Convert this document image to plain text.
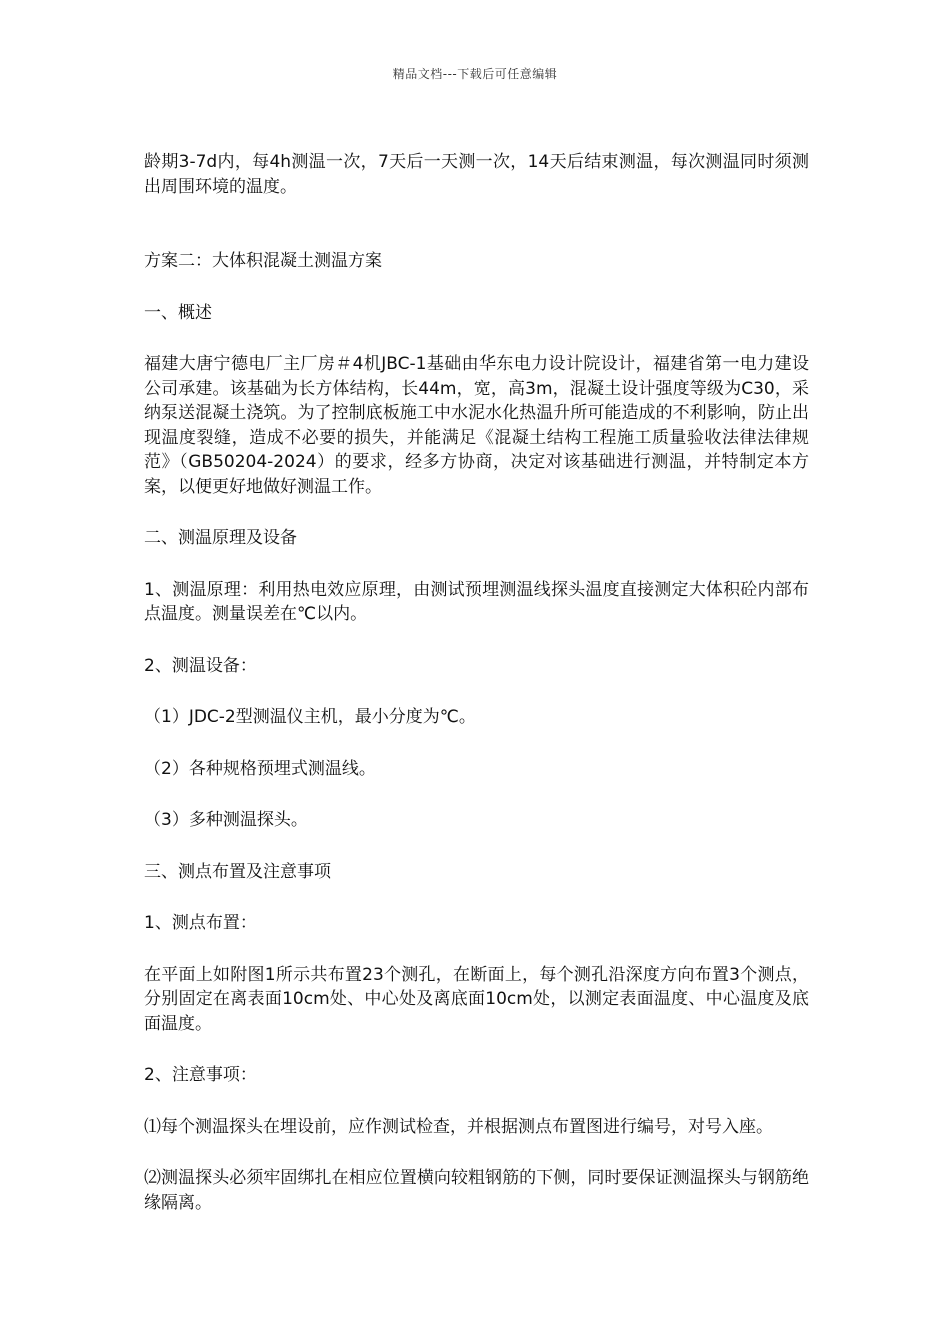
精品文档---下载后可任意编辑

龄期3-7d内，每4h测温一次，7天后一天测一次，14天后结束测温，每次测温同时须测出周围环境的温度。

方案二：大体积混凝土测温方案

一、概述

福建大唐宁德电厂主厂房＃4机JBC-1基础由华东电力设计院设计，福建省第一电力建设公司承建。该基础为长方体结构，长44m，宽，高3m，混凝土设计强度等级为C30，采纳泵送混凝土浇筑。为了控制底板施工中水泥水化热温升所可能造成的不利影响，防止出现温度裂缝，造成不必要的损失，并能满足《混凝土结构工程施工质量验收法律法律规范》（GB50204-2024）的要求，经多方协商，决定对该基础进行测温，并特制定本方案，以便更好地做好测温工作。

二、测温原理及设备

1、测温原理：利用热电效应原理，由测试预埋测温线探头温度直接测定大体积砼内部布点温度。测量误差在℃以内。

2、测温设备：

（1）JDC-2型测温仪主机，最小分度为℃。

（2）各种规格预埋式测温线。

（3）多种测温探头。

三、测点布置及注意事项

1、测点布置：

在平面上如附图1所示共布置23个测孔，在断面上，每个测孔沿深度方向布置3个测点，分别固定在离表面10cm处、中心处及离底面10cm处，以测定表面温度、中心温度及底面温度。

2、注意事项：

⑴每个测温探头在埋设前，应作测试检查，并根据测点布置图进行编号，对号入座。

⑵测温探头必须牢固绑扎在相应位置横向较粗钢筋的下侧，同时要保证测温探头与钢筋绝缘隔离。
